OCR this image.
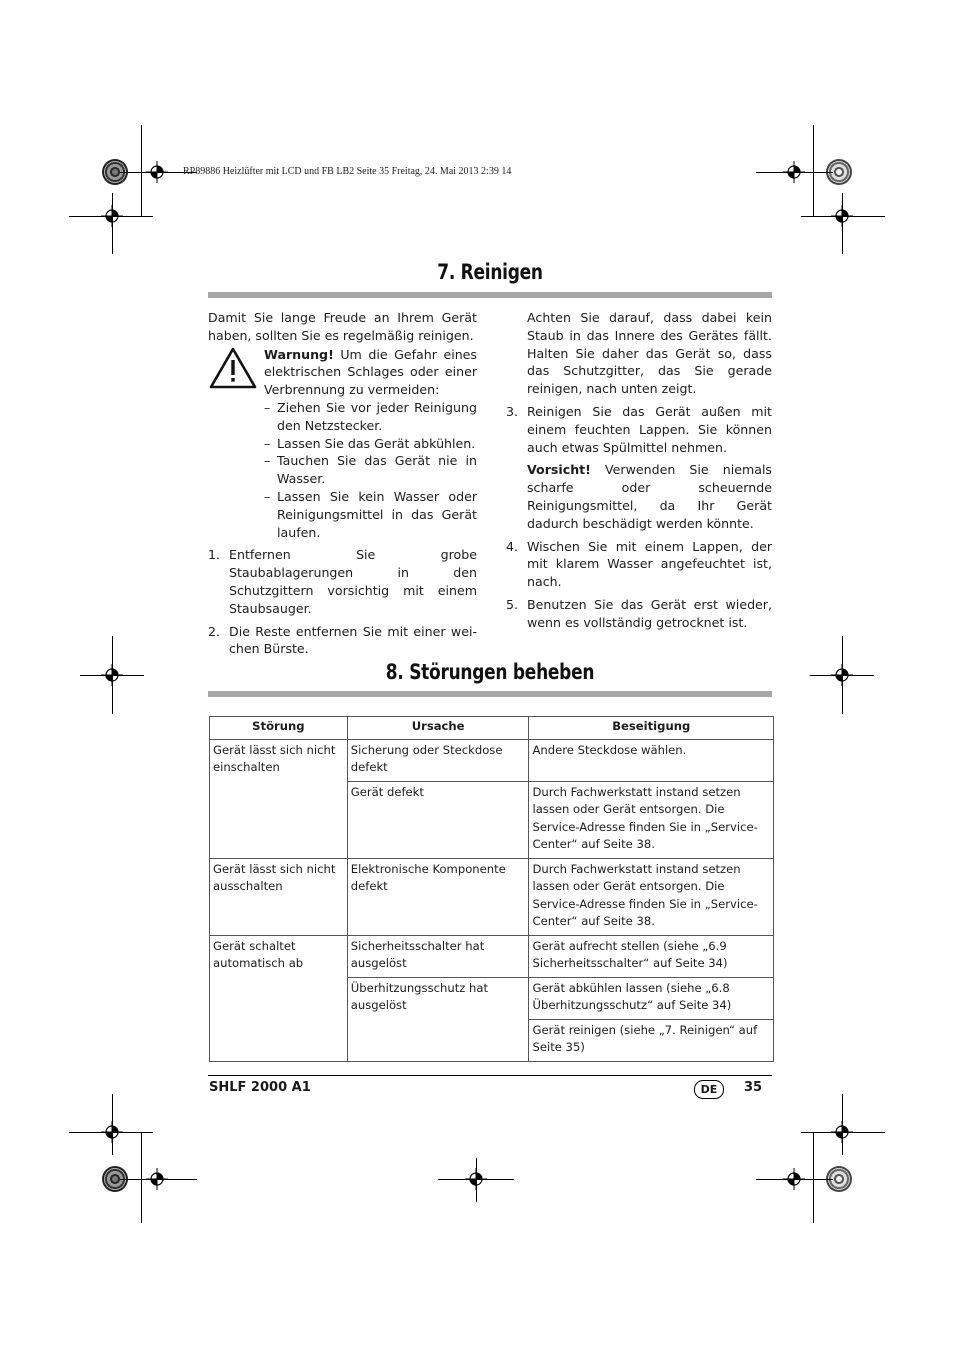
RP89886 Heizlüfter mit LCD und FB LB2 Seite 35 Freitag, 24. Mai 2013 2:39 14
7. Reinigen

Damit Sie lange Freude an Ihrem Gerät haben, sollten Sie es regelmäßig reinigen.

Warnung! Um die Gefahr eines elektrischen Schlages oder einer Verbrennung zu vermeiden:

– Ziehen Sie vor jeder Reinigung den Netzstecker.
– Lassen Sie das Gerät abkühlen.
– Tauchen Sie das Gerät nie in Wasser.
– Lassen Sie kein Wasser oder Reinigungsmittel in das Gerät laufen.
1. Entfernen Sie grobe Staubablagerungen in den Schutzgittern vorsichtig mit einem Staubsauger.
2. Die Reste entfernen Sie mit einer wei-chen Bürste.

Achten Sie darauf, dass dabei kein Staub in das Innere des Gerätes fällt. Halten Sie daher das Gerät so, dass das Schutzgitter, das Sie gerade reinigen, nach unten zeigt.

3. Reinigen Sie das Gerät außen mit einem feuchten Lappen. Sie können auch etwas Spülmittel nehmen.

Vorsicht! Verwenden Sie niemals scharfe oder scheuernde Reinigungsmittel, da Ihr Gerät dadurch beschädigt werden könnte.

4. Wischen Sie mit einem Lappen, der mit klarem Wasser angefeuchtet ist, nach.
5. Benutzen Sie das Gerät erst wieder, wenn es vollständig getrocknet ist.
8. Störungen beheben
Störung	Ursache	Beseitigung
Gerät lässt sich nicht einschalten	Sicherung oder Steckdose defekt	Andere Steckdose wählen.
	Gerät defekt	Durch Fachwerkstatt instand setzen lassen oder Gerät entsorgen. Die Service-Adresse finden Sie in „Service-Center“ auf Seite 38.
Gerät lässt sich nicht ausschalten	Elektronische Komponente defekt	Durch Fachwerkstatt instand setzen lassen oder Gerät entsorgen. Die Service-Adresse finden Sie in „Service-Center“ auf Seite 38.
Gerät schaltet automatisch ab	Sicherheitsschalter hat ausgelöst	Gerät aufrecht stellen (siehe „6.9 Sicherheitsschalter“ auf Seite 34)
	Überhitzungsschutz hat ausgelöst	Gerät abkühlen lassen (siehe „6.8 Überhitzungsschutz“ auf Seite 34)
		Gerät reinigen (siehe „7. Reinigen“ auf Seite 35)
SHLF 2000 A1	DE	35
